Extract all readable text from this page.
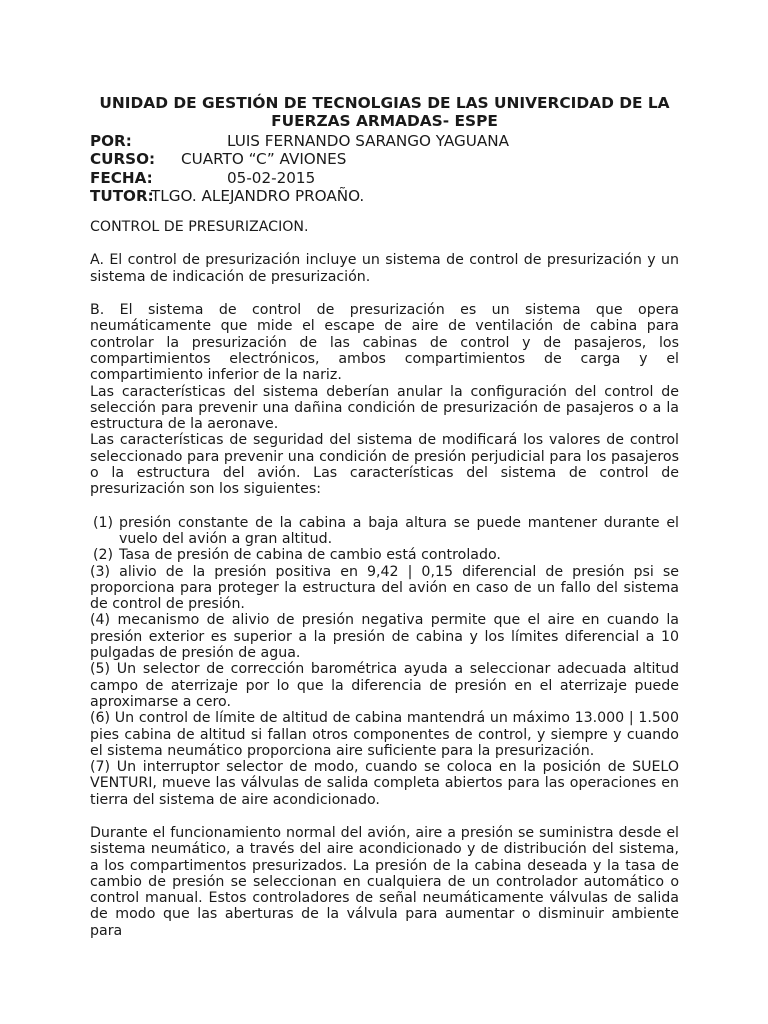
UNIDAD DE GESTIÓN DE TECNOLGIAS DE LAS UNIVERCIDAD DE LA FUERZAS ARMADAS- ESPE
POR:	LUIS FERNANDO SARANGO YAGUANA
CURSO: CUARTO “C” AVIONES
FECHA:	05-02-2015
TUTOR:
TLGO. ALEJANDRO PROAÑO.

CONTROL DE PRESURIZACION.

A. El control de presurización incluye un sistema de control de presurización y un sistema de indicación de presurización.

B. El sistema de control de presurización es un sistema que opera neumáticamente que mide el escape de aire de ventilación de cabina para controlar la presurización de las cabinas de control y de pasajeros, los compartimientos electrónicos, ambos compartimientos de carga y el compartimiento inferior de la nariz.

Las características del sistema deberían anular la configuración del control de selección para prevenir una dañina condición de presurización de pasajeros o a la estructura de la aeronave.

Las características de seguridad del sistema de modificará los valores de control seleccionado para prevenir una condición de presión perjudicial para los pasajeros o la estructura del avión. Las características del sistema de control de presurización son los siguientes:

(1) presión constante de la cabina a baja altura se puede mantener durante el vuelo del avión a gran altitud.
(2) Tasa de presión de cabina de cambio está controlado.

(3) alivio de la presión positiva en 9,42 | 0,15 diferencial de presión psi se proporciona para proteger la estructura del avión en caso de un fallo del sistema de control de presión.

(4) mecanismo de alivio de presión negativa permite que el aire en cuando la presión exterior es superior a la presión de cabina y los límites diferencial a 10 pulgadas de presión de agua.

(5) Un selector de corrección barométrica ayuda a seleccionar adecuada altitud campo de aterrizaje por lo que la diferencia de presión en el aterrizaje puede aproximarse a cero.

(6) Un control de límite de altitud de cabina mantendrá un máximo 13.000 | 1.500 pies cabina de altitud si fallan otros componentes de control, y siempre y cuando el sistema neumático proporciona aire suficiente para la presurización.

(7) Un interruptor selector de modo, cuando se coloca en la posición de SUELO VENTURI, mueve las válvulas de salida completa abiertos para las operaciones en tierra del sistema de aire acondicionado.

Durante el funcionamiento normal del avión, aire a presión se suministra desde el sistema neumático, a través del aire acondicionado y de distribución del sistema, a los compartimentos presurizados. La presión de la cabina deseada y la tasa de cambio de presión se seleccionan en cualquiera de un controlador automático o control manual. Estos controladores de señal neumáticamente válvulas de salida de modo que las aberturas de la válvula para aumentar o disminuir ambiente para
